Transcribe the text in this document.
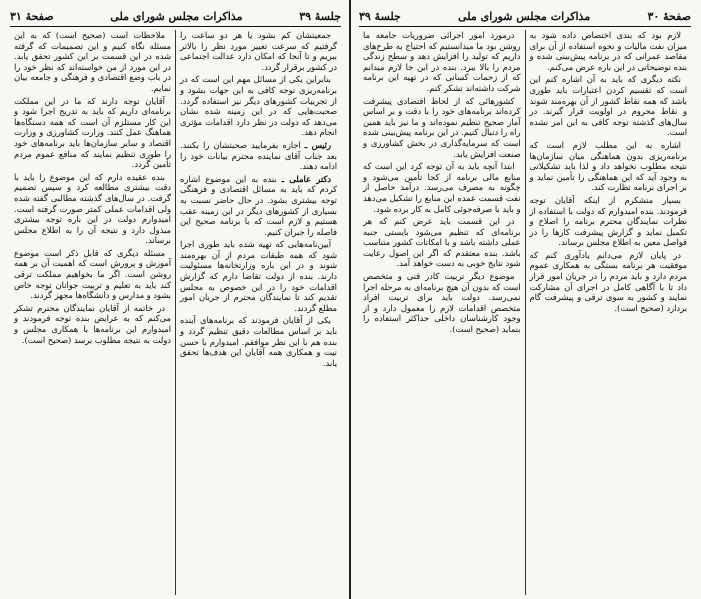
جلسهٔ ۳۹
مذاکرات مجلس شورای ملی
صفحهٔ ۳۱

جمعیتشان کم بشود یا هر دو ساعت را گرفتیم که سرعت تغییر مورد نظر را بالاتر ببریم و تا آنجا که امکان دارد عدالت اجتماعی در کشور برقرار گردد.

بنابراین یکی از مسائل مهم این است که در برنامه‌ریزی توجه کافی به این جهات بشود و از تجربیات کشورهای دیگر نیز استفاده گردد. صحبت‌هایی که در این زمینه شده نشان می‌دهد که دولت در نظر دارد اقدامات مؤثری انجام دهد.

رئیس ـ اجازه بفرمایید صحبتشان را بکنند. بعد جناب آقای نماینده محترم بیانات خود را ادامه دهند.

دکتر عاملی ـ بنده به این موضوع اشاره کردم که باید به مسائل اقتصادی و فرهنگی توجه بیشتری بشود. در حال حاضر نسبت به بسیاری از کشورهای دیگر در این زمینه عقب هستیم و لازم است که با برنامه صحیح این فاصله را جبران کنیم.

آیین‌نامه‌هایی که تهیه شده باید طوری اجرا شود که همه طبقات مردم از آن بهره‌مند شوند و در این باره وزارتخانه‌ها مسئولیت دارند. بنده از دولت تقاضا دارم که گزارش اقدامات خود را در این خصوص به مجلس تقدیم کند تا نمایندگان محترم از جریان امور مطلع گردند.

یکی از آقایان فرمودند که برنامه‌های آینده باید بر اساس مطالعات دقیق تنظیم گردد و بنده هم با این نظر موافقم. امیدوارم با حسن نیت و همکاری همه آقایان این هدف‌ها تحقق یابد.

ملاحظات است (صحیح است) که به این مسئله نگاه کنیم و این تصمیمات که گرفته شده در این قسمت بر این کشور تحقق یابد. در این مورد از من خواسته‌اند که نظر خود را در باب وضع اقتصادی و فرهنگی و جامعه بیان نمایم.

آقایان توجه دارند که ما در این مملکت برنامه‌ای داریم که باید به تدریج اجرا شود و این کار مستلزم آن است که همه دستگاه‌ها هماهنگ عمل کنند. وزارت کشاورزی و وزارت اقتصاد و سایر سازمان‌ها باید برنامه‌های خود را طوری تنظیم نمایند که منافع عموم مردم تأمین گردد.

بنده عقیده دارم که این موضوع را باید با دقت بیشتری مطالعه کرد و سپس تصمیم گرفت. در سال‌های گذشته مطالبی گفته شده ولی اقدامات عملی کمتر صورت گرفته است. امیدوارم دولت در این باره توجه بیشتری مبذول دارد و نتیجه آن را به اطلاع مجلس برساند.

مسئله دیگری که قابل ذکر است موضوع آموزش و پرورش است که اهمیت آن بر همه روشن است. اگر ما بخواهیم مملکت ترقی کند باید به تعلیم و تربیت جوانان توجه خاص بشود و مدارس و دانشگاه‌ها مجهز گردند.

در خاتمه از آقایان نمایندگان محترم تشکر می‌کنم که به عرایض بنده توجه فرمودند و امیدوارم این برنامه‌ها با همکاری مجلس و دولت به نتیجه مطلوب برسد (صحیح است).

صفحهٔ ۳۰
مذاکرات مجلس شورای ملی
جلسهٔ ۳۹

لازم بود که بندی اختصاص داده شود به میزان نفت مالیات و نحوه استفاده از آن برای مقاصد عمرانی که در برنامه پیش‌بینی شده و بنده توضیحاتی در این باره عرض می‌کنم.

نکته دیگری که باید به آن اشاره کنم این است که تقسیم کردن اعتبارات باید طوری باشد که همه نقاط کشور از آن بهره‌مند شوند و نقاط محروم در اولویت قرار گیرند. در سال‌های گذشته توجه کافی به این امر نشده است.

اشاره به این مطلب لازم است که برنامه‌ریزی بدون هماهنگی میان سازمان‌ها نتیجه مطلوب نخواهد داد و لذا باید تشکیلاتی به وجود آید که این هماهنگی را تأمین نماید و بر اجرای برنامه نظارت کند.

بسیار متشکرم از اینکه آقایان توجه فرمودند. بنده امیدوارم که دولت با استفاده از نظرات نمایندگان محترم برنامه را اصلاح و تکمیل نماید و گزارش پیشرفت کارها را در فواصل معین به اطلاع مجلس برساند.

در پایان لازم می‌دانم یادآوری کنم که موفقیت هر برنامه بستگی به همکاری عموم مردم دارد و باید مردم را در جریان امور قرار داد تا با آگاهی کامل در اجرای آن مشارکت نمایند و کشور به سوی ترقی و پیشرفت گام بردارد (صحیح است).

درمورد امور اجرائی ضروریات جامعه ما روشن بود ما میدانستیم که احتیاج به طرح‌های داریم که تولید را افزایش دهد و سطح زندگی مردم را بالا ببرد. بنده در این جا لازم میدانم که از زحمات کسانی که در تهیه این برنامه شرکت داشته‌اند تشکر کنم.

کشورهائی که از لحاظ اقتصادی پیشرفت کرده‌اند برنامه‌های خود را با دقت و بر اساس آمار صحیح تنظیم نموده‌اند و ما نیز باید همین راه را دنبال کنیم. در این برنامه پیش‌بینی شده است که سرمایه‌گذاری در بخش کشاورزی و صنعت افزایش یابد.

ابتدا آنچه باید به آن توجه کرد این است که منابع مالی برنامه از کجا تأمین می‌شود و چگونه به مصرف می‌رسد. درآمد حاصل از نفت قسمت عمده این منابع را تشکیل می‌دهد و باید با صرفه‌جوئی کامل به کار برده شود.

در این قسمت باید عرض کنم که هر برنامه‌ای که تنظیم می‌شود بایستی جنبه عملی داشته باشد و با امکانات کشور متناسب باشد. بنده معتقدم که اگر این اصول رعایت شود نتایج خوبی به دست خواهد آمد.

موضوع دیگر تربیت کادر فنی و متخصص است که بدون آن هیچ برنامه‌ای به مرحله اجرا نمی‌رسد. دولت باید برای تربیت افراد متخصص اقدامات لازم را معمول دارد و از وجود کارشناسان داخلی حداکثر استفاده را بنماید (صحیح است).
